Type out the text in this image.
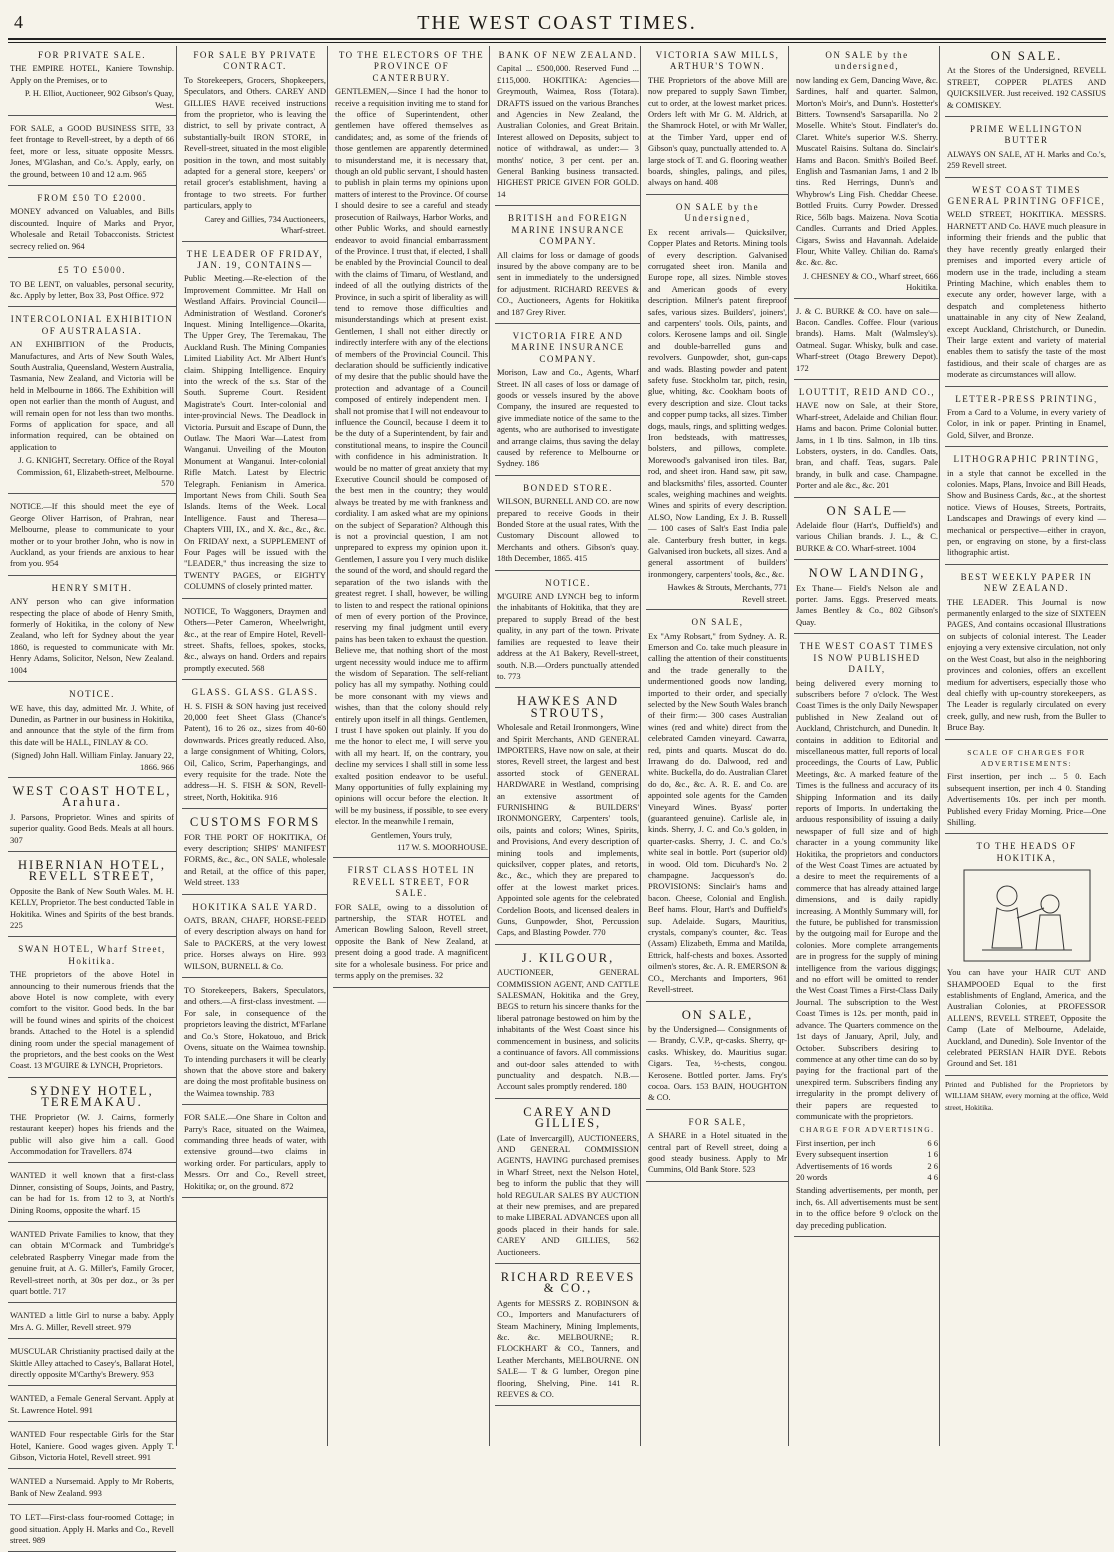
4	THE WEST COAST TIMES.
FOR PRIVATE SALE.
THE EMPIRE HOTEL, Kaniere Township. Apply on the Premises, or to
P. H. Elliot, Auctioneer, 902 Gibson's Quay, West.
FOR SALE, a GOOD BUSINESS SITE, 33 feet frontage to Revell-street, by a depth of 66 feet, more or less, situate opposite Messrs. Jones, M'Glashan, and Co.'s. Apply, early, on the ground, between 10 and 12 a.m. 965
FROM £50 TO £2000.
MONEY advanced on Valuables, and Bills discounted. Inquire of Marks and Pryor, Wholesale and Retail Tobacconists. Strictest secrecy relied on. 964
£5 TO £5000.
TO BE LENT, on valuables, personal security, &c. Apply by letter, Box 33, Post Office. 972
INTERCOLONIAL EXHIBITION OF AUSTRALASIA.
AN EXHIBITION of the Products, Manufactures, and Arts of New South Wales, South Australia, Queensland, Western Australia, Tasmania, New Zealand, and Victoria will be held in Melbourne in 1866. The Exhibition will open not earlier than the month of August, and will remain open for not less than two months. Forms of application for space, and all information required, can be obtained on application to
J. G. KNIGHT, Secretary. Office of the Royal Commission, 61, Elizabeth-street, Melbourne. 570
NOTICE.—If this should meet the eye of George Oliver Harrison, of Prahran, near Melbourne, please to communicate to your mother or to your brother John, who is now in Auckland, as your friends are anxious to hear from you. 954
HENRY SMITH.
ANY person who can give information respecting the place of abode of Henry Smith, formerly of Hokitika, in the colony of New Zealand, who left for Sydney about the year 1860, is requested to communicate with Mr. Henry Adams, Solicitor, Nelson, New Zealand. 1004
NOTICE.
WE have, this day, admitted Mr. J. White, of Dunedin, as Partner in our business in Hokitika, and announce that the style of the firm from this date will be HALL, FINLAY & CO.
(Signed) John Hall. William Finlay. January 22, 1866. 966
WEST COAST HOTEL, Arahura.
J. Parsons, Proprietor. Wines and spirits of superior quality. Good Beds. Meals at all hours. 307
HIBERNIAN HOTEL, REVELL STREET,
Opposite the Bank of New South Wales. M. H. KELLY, Proprietor. The best conducted Table in Hokitika. Wines and Spirits of the best brands. 225
SWAN HOTEL, Wharf Street, Hokitika.
THE proprietors of the above Hotel in announcing to their numerous friends that the above Hotel is now complete, with every comfort to the visitor. Good beds. In the bar will be found wines and spirits of the choicest brands. Attached to the Hotel is a splendid dining room under the special management of the proprietors, and the best cooks on the West Coast. 13 M'GUIRE & LYNCH, Proprietors.
SYDNEY HOTEL, TEREMAKAU.
THE Proprietor (W. J. Cairns, formerly restaurant keeper) hopes his friends and the public will also give him a call. Good Accommodation for Travellers. 874
WANTED it well known that a first-class Dinner, consisting of Soups, Joints, and Pastry, can be had for 1s. from 12 to 3, at North's Dining Rooms, opposite the wharf. 15
WANTED Private Families to know, that they can obtain M'Cormack and Tumbridge's celebrated Raspberry Vinegar made from the genuine fruit, at A. G. Miller's, Family Grocer, Revell-street north, at 30s per doz., or 3s per quart bottle. 717
WANTED a little Girl to nurse a baby. Apply Mrs A. G. Miller, Revell street. 979
MUSCULAR Christianity practised daily at the Skittle Alley attached to Casey's, Ballarat Hotel, directly opposite M'Carthy's Brewery. 953
WANTED, a Female General Servant. Apply at St. Lawrence Hotel. 991
WANTED Four respectable Girls for the Star Hotel, Kaniere. Good wages given. Apply T. Gibson, Victoria Hotel, Revell street. 991
WANTED a Nursemaid. Apply to Mr Roberts, Bank of New Zealand. 993
TO LET—First-class four-roomed Cottage; in good situation. Apply H. Marks and Co., Revell street. 989
FOR SALE BY PRIVATE CONTRACT.
To Storekeepers, Grocers, Shopkeepers, Speculators, and Others. CAREY AND GILLIES HAVE received instructions from the proprietor, who is leaving the district, to sell by private contract, A substantially-built IRON STORE, in Revell-street, situated in the most eligible position in the town, and most suitably adapted for a general store, keepers' or retail grocer's establishment, having a frontage to two streets. For further particulars, apply to
Carey and Gillies, 734 Auctioneers, Wharf-street.
THE LEADER OF FRIDAY, JAN. 19, CONTAINS—
Public Meeting.—Re-election of the Improvement Committee. Mr Hall on Westland Affairs. Provincial Council—Administration of Westland. Coroner's Inquest. Mining Intelligence—Okarita, The Upper Grey, The Teremakau, The Auckland Rush. The Mining Companies Limited Liability Act. Mr Albert Hunt's claim. Shipping Intelligence. Enquiry into the wreck of the s.s. Star of the South. Supreme Court. Resident Magistrate's Court. Inter-colonial and inter-provincial News. The Deadlock in Victoria. Pursuit and Escape of Dunn, the Outlaw. The Maori War—Latest from Wanganui. Unveiling of the Mouton Monument at Wanganui. Inter-colonial Rifle Match. Latest by Electric Telegraph. Fenianism in America. Important News from Chili. South Sea Islands. Items of the Week. Local Intelligence. Faust and Theresa—Chapters VIII, IX., and X. &c., &c., &c. On FRIDAY next, a SUPPLEMENT of Four Pages will be issued with the "LEADER," thus increasing the size to TWENTY PAGES, or EIGHTY COLUMNS of closely printed matter.
NOTICE, To Waggoners, Draymen and Others—Peter Cameron, Wheelwright, &c., at the rear of Empire Hotel, Revell-street. Shafts, felloes, spokes, stocks, &c., always on hand. Orders and repairs promptly executed. 568
GLASS. GLASS. GLASS.
H. S. FISH & SON having just received 20,000 feet Sheet Glass (Chance's Patent), 16 to 26 oz., sizes from 40-60 downwards. Prices greatly reduced. Also, a large consignment of Whiting, Colors, Oil, Calico, Scrim, Paperhangings, and every requisite for the trade. Note the address—H. S. FISH & SON, Revell-street, North, Hokitika. 916
CUSTOMS FORMS
FOR THE PORT OF HOKITIKA, Of every description; SHIPS' MANIFEST FORMS, &c., &c., ON SALE, wholesale and Retail, at the office of this paper, Weld street. 133
HOKITIKA SALE YARD.
OATS, BRAN, CHAFF, HORSE-FEED of every description always on hand for Sale to PACKERS, at the very lowest price. Horses always on Hire. 993 WILSON, BURNELL & Co.
TO Storekeepers, Bakers, Speculators, and others.—A first-class investment. —For sale, in consequence of the proprietors leaving the district, M'Farlane and Co.'s Store, Hokatouo, and Brick Ovens, situate on the Waimea township. To intending purchasers it will be clearly shown that the above store and bakery are doing the most profitable business on the Waimea township. 783
FOR SALE.—One Share in Colton and Parry's Race, situated on the Waimea, commanding three heads of water, with extensive ground—two claims in working order. For particulars, apply to Messrs. Orr and Co., Revell street, Hokitika; or, on the ground. 872
TO THE ELECTORS OF THE PROVINCE OF CANTERBURY.
GENTLEMEN,—Since I had the honor to receive a requisition inviting me to stand for the office of Superintendent, other gentlemen have offered themselves as candidates; and, as some of the friends of those gentlemen are apparently determined to misunderstand me, it is necessary that, though an old public servant, I should hasten to publish in plain terms my opinions upon matters of interest to the Province. Of course I should desire to see a careful and steady prosecution of Railways, Harbor Works, and other Public Works, and should earnestly endeavor to avoid financial embarrassment of the Province. I trust that, if elected, I shall be enabled by the Provincial Council to deal with the claims of Timaru, of Westland, and indeed of all the outlying districts of the Province, in such a spirit of liberality as will tend to remove those difficulties and misunderstandings which at present exist. Gentlemen, I shall not either directly or indirectly interfere with any of the elections of members of the Provincial Council. This declaration should be sufficiently indicative of my desire that the public should have the protection and advantage of a Council composed of entirely independent men. I shall not promise that I will not endeavour to influence the Council, because I deem it to be the duty of a Superintendent, by fair and constitutional means, to inspire the Council with confidence in his administration. It would be no matter of great anxiety that my Executive Council should be composed of the best men in the country; they would always be treated by me with frankness and cordiality. I am asked what are my opinions on the subject of Separation? Although this is not a provincial question, I am not unprepared to express my opinion upon it. Gentlemen, I assure you I very much dislike the sound of the word, and should regard the separation of the two islands with the greatest regret. I shall, however, be willing to listen to and respect the rational opinions of men of every portion of the Province, reserving my final judgment until every pains has been taken to exhaust the question. Believe me, that nothing short of the most urgent necessity would induce me to affirm the wisdom of Separation. The self-reliant policy has all my sympathy. Nothing could be more consonant with my views and wishes, than that the colony should rely entirely upon itself in all things. Gentlemen, I trust I have spoken out plainly. If you do me the honor to elect me, I will serve you with all my heart. If, on the contrary, you decline my services I shall still in some less exalted position endeavor to be useful. Many opportunities of fully explaining my opinions will occur before the election. It will be my business, if possible, to see every elector. In the meanwhile I remain,
Gentlemen, Yours truly,
117 W. S. MOORHOUSE.
FIRST CLASS HOTEL IN REVELL STREET, FOR SALE.
FOR SALE, owing to a dissolution of partnership, the STAR HOTEL and American Bowling Saloon, Revell street, opposite the Bank of New Zealand, at present doing a good trade. A magnificent site for a wholesale business. For price and terms apply on the premises. 32
BANK OF NEW ZEALAND.
Capital ... £500,000. Reserved Fund ... £115,000. HOKITIKA: Agencies—Greymouth, Waimea, Ross (Totara). DRAFTS issued on the various Branches and Agencies in New Zealand, the Australian Colonies, and Great Britain. Interest allowed on Deposits, subject to notice of withdrawal, as under:— 3 months' notice, 3 per cent. per an. General Banking business transacted. HIGHEST PRICE GIVEN FOR GOLD. 14
BRITISH and FOREIGN MARINE INSURANCE COMPANY.
All claims for loss or damage of goods insured by the above company are to be sent in immediately to the undersigned for adjustment. RICHARD REEVES & CO., Auctioneers, Agents for Hokitika and 187 Grey River.
VICTORIA FIRE AND MARINE INSURANCE COMPANY.
Morison, Law and Co., Agents, Wharf Street. IN all cases of loss or damage of goods or vessels insured by the above Company, the insured are requested to give immediate notice of the same to the agents, who are authorised to investigate and arrange claims, thus saving the delay caused by reference to Melbourne or Sydney. 186
BONDED STORE.
WILSON, BURNELL AND CO. are now prepared to receive Goods in their Bonded Store at the usual rates, With the Customary Discount allowed to Merchants and others. Gibson's quay. 18th December, 1865. 415
NOTICE.
M'GUIRE AND LYNCH beg to inform the inhabitants of Hokitika, that they are prepared to supply Bread of the best quality, in any part of the town. Private families are requested to leave their address at the A1 Bakery, Revell-street, south. N.B.—Orders punctually attended to. 773
HAWKES AND STROUTS,
Wholesale and Retail Ironmongers, Wine and Spirit Merchants, AND GENERAL IMPORTERS, Have now on sale, at their stores, Revell street, the largest and best assorted stock of GENERAL HARDWARE in Westland, comprising an extensive assortment of FURNISHING & BUILDERS' IRONMONGERY, Carpenters' tools, oils, paints and colors; Wines, Spirits, and Provisions, And every description of mining tools and implements, quicksilver, copper plates, and retorts, &c., &c., which they are prepared to offer at the lowest market prices. Appointed sole agents for the celebrated Cordelion Boots, and licensed dealers in Guns, Gunpowder, Shot, Percussion Caps, and Blasting Powder. 770
J. KILGOUR,
AUCTIONEER, GENERAL COMMISSION AGENT, AND CATTLE SALESMAN, Hokitika and the Grey, BEGS to return his sincere thanks for the liberal patronage bestowed on him by the inhabitants of the West Coast since his commencement in business, and solicits a continuance of favors. All commissions and out-door sales attended to with punctuality and despatch. N.B.—Account sales promptly rendered. 180
CAREY AND GILLIES,
(Late of Invercargill), AUCTIONEERS, AND GENERAL COMMISSION AGENTS, HAVING purchased premises in Wharf Street, next the Nelson Hotel, beg to inform the public that they will hold REGULAR SALES BY AUCTION at their new premises, and are prepared to make LIBERAL ADVANCES upon all goods placed in their hands for sale. CAREY AND GILLIES, 562 Auctioneers.
RICHARD REEVES & CO.,
Agents for MESSRS Z. ROBINSON & CO., Importers and Manufacturers of Steam Machinery, Mining Implements, &c. &c. MELBOURNE; R. FLOCKHART & CO., Tanners, and Leather Merchants, MELBOURNE. ON SALE— T & G lumber, Oregon pine flooring, Shelving, Pine. 141 R. REEVES & CO.
VICTORIA SAW MILLS, ARTHUR'S TOWN.
THE Proprietors of the above Mill are now prepared to supply Sawn Timber, cut to order, at the lowest market prices. Orders left with Mr G. M. Aldrich, at the Shamrock Hotel, or with Mr Waller, at the Timber Yard, upper end of Gibson's quay, punctually attended to. A large stock of T. and G. flooring weather boards, shingles, palings, and piles, always on hand. 408
ON SALE by the Undersigned,
Ex recent arrivals— Quicksilver, Copper Plates and Retorts. Mining tools of every description. Galvanised corrugated sheet iron. Manila and Europe rope, all sizes. Nimble stoves and American goods of every description. Milner's patent fireproof safes, various sizes. Builders', joiners', and carpenters' tools. Oils, paints, and colors. Kerosene lamps and oil. Single and double-barrelled guns and revolvers. Gunpowder, shot, gun-caps and wads. Blasting powder and patent safety fuse. Stockholm tar, pitch, resin, glue, whiting, &c. Cookham boots of every description and size. Clout tacks and copper pump tacks, all sizes. Timber dogs, mauls, rings, and splitting wedges. Iron bedsteads, with mattresses, bolsters, and pillows, complete. Morewood's galvanised iron tiles. Bar, rod, and sheet iron. Hand saw, pit saw, and blacksmiths' files, assorted. Counter scales, weighing machines and weights. Wines and spirits of every description. ALSO, Now Landing, Ex J. B. Russell— 100 cases of Salt's East India pale ale. Canterbury fresh butter, in kegs. Galvanised iron buckets, all sizes. And a general assortment of builders' ironmongery, carpenters' tools, &c., &c.
Hawkes & Strouts, Merchants, 771 Revell street.
ON SALE,
Ex "Amy Robsart," from Sydney. A. R. Emerson and Co. take much pleasure in calling the attention of their constituents and the trade generally to the undermentioned goods now landing, imported to their order, and specially selected by the New South Wales branch of their firm:— 300 cases Australian wines (red and white) direct from the celebrated Camden vineyard. Cawarra, red, pints and quarts. Muscat do do. Irrawang do do. Dalwood, red and white. Buckella, do do. Australian Claret do do, &c., &c. A. R. E. and Co. are appointed sole agents for the Camden Vineyard Wines. Byass' porter (guaranteed genuine). Carlisle ale, in kinds. Sherry, J. C. and Co.'s golden, in quarter-casks. Sherry, J. C. and Co.'s white seal in bottle. Port (superior old) in wood. Old tom. Dicuhard's No. 2 champagne. Jacquesson's do. PROVISIONS: Sinclair's hams and bacon. Cheese, Colonial and English. Beef hams. Flour, Hart's and Duffield's sup. Adelaide. Sugars, Mauritius, crystals, company's counter, &c. Teas (Assam) Elizabeth, Emma and Matilda, Ettrick, half-chests and boxes. Assorted oilmen's stores, &c. A. R. EMERSON & CO., Merchants and Importers, 961 Revell-street.
ON SALE,
by the Undersigned— Consignments of— Brandy, C.V.P., qr-casks. Sherry, qr-casks. Whiskey, do. Mauritius sugar. Cigars. Tea, ½-chests, congou. Kerosene. Bottled porter. Jams. Fry's cocoa. Oars. 153 BAIN, HOUGHTON & CO.
FOR SALE,
A SHARE in a Hotel situated in the central part of Revell street, doing a good steady business. Apply to Mr Cummins, Old Bank Store. 523
ON SALE by the undersigned,
now landing ex Gem, Dancing Wave, &c. Sardines, half and quarter. Salmon, Morton's Moir's, and Dunn's. Hostetter's Bitters. Townsend's Sarsaparilla. No 2 Moselle. White's Stout. Findlater's do. Claret. White's superior W.S. Sherry. Muscatel Raisins. Sultana do. Sinclair's Hams and Bacon. Smith's Boiled Beef. English and Tasmanian Jams, 1 and 2 lb tins. Red Herrings, Dunn's and Whybrow's Ling Fish. Cheddar Cheese. Bottled Fruits. Curry Powder. Dressed Rice, 56lb bags. Maizena. Nova Scotia Candles. Currants and Dried Apples. Cigars, Swiss and Havannah. Adelaide Flour, White Valley. Chilian do. Rama's &c. &c. &c.
J. CHESNEY & CO., Wharf street, 666 Hokitika.
J. & C. BURKE & CO. have on sale— Bacon. Candles. Coffee. Flour (various brands). Hams. Malt (Walmsley's). Oatmeal. Sugar. Whisky, bulk and case. Wharf-street (Otago Brewery Depot). 172
LOUTTIT, REID AND CO.,
HAVE now on Sale, at their Store, Wharf-street, Adelaide and Chilian flour. Hams and bacon. Prime Colonial butter. Jams, in 1 lb tins. Salmon, in 1lb tins. Lobsters, oysters, in do. Candles. Oats, bran, and chaff. Teas, sugars. Pale brandy, in bulk and case. Champagne. Porter and ale &c., &c. 201
ON SALE—
Adelaide flour (Hart's, Duffield's) and various Chilian brands. J. L., & C. BURKE & CO. Wharf-street. 1004
NOW LANDING,
Ex Thane— Field's Nelson ale and porter. Jams. Eggs. Preserved meats. James Bentley & Co., 802 Gibson's Quay.
THE WEST COAST TIMES IS NOW PUBLISHED DAILY,
being delivered every morning to subscribers before 7 o'clock. The West Coast Times is the only Daily Newspaper published in New Zealand out of Auckland, Christchurch, and Dunedin. It contains in addition to Editorial and miscellaneous matter, full reports of local proceedings, the Courts of Law, Public Meetings, &c. A marked feature of the Times is the fullness and accuracy of its Shipping Information and its daily reports of Imports. In undertaking the arduous responsibility of issuing a daily newspaper of full size and of high character in a young community like Hokitika, the proprietors and conductors of the West Coast Times are actuated by a desire to meet the requirements of a commerce that has already attained large dimensions, and is daily rapidly increasing. A Monthly Summary will, for the future, be published for transmission by the outgoing mail for Europe and the colonies. More complete arrangements are in progress for the supply of mining intelligence from the various diggings; and no effort will be omitted to render the West Coast Times a First-Class Daily Journal. The subscription to the West Coast Times is 12s. per month, paid in advance. The Quarters commence on the 1st days of January, April, July, and October. Subscribers desiring to commence at any other time can do so by paying for the fractional part of the unexpired term. Subscribers finding any irregularity in the prompt delivery of their papers are requested to communicate with the proprietors.
CHARGE FOR ADVERTISING.
First insertion, per inch	6 6
Every subsequent insertion	1 6
Advertisements of 16 words	2 6
20 words	4 6
Standing advertisements, per month, per inch, 6s. All advertisements must be sent in to the office before 9 o'clock on the day preceding publication.
ON SALE.
At the Stores of the Undersigned, REVELL STREET, COPPER PLATES AND QUICKSILVER. Just received. 192 CASSIUS & COMISKEY.
PRIME WELLINGTON BUTTER
ALWAYS ON SALE, AT H. Marks and Co.'s, 259 Revell street.
WEST COAST TIMES GENERAL PRINTING OFFICE,
WELD STREET, HOKITIKA. MESSRS. HARNETT AND Co. HAVE much pleasure in informing their friends and the public that they have recently greatly enlarged their premises and imported every article of modern use in the trade, including a steam Printing Machine, which enables them to execute any order, however large, with a despatch and completeness hitherto unattainable in any city of New Zealand, except Auckland, Christchurch, or Dunedin. Their large extent and variety of material enables them to satisfy the taste of the most fastidious, and their scale of charges are as moderate as circumstances will allow.
LETTER-PRESS PRINTING,
From a Card to a Volume, in every variety of Color, in ink or paper. Printing in Enamel, Gold, Silver, and Bronze.
LITHOGRAPHIC PRINTING,
in a style that cannot be excelled in the colonies. Maps, Plans, Invoice and Bill Heads, Show and Business Cards, &c., at the shortest notice. Views of Houses, Streets, Portraits, Landscapes and Drawings of every kind —mechanical or perspective—either in crayon, pen, or engraving on stone, by a first-class lithographic artist.
BEST WEEKLY PAPER IN NEW ZEALAND.
THE LEADER. This Journal is now permanently enlarged to the size of SIXTEEN PAGES, And contains occasional Illustrations on subjects of colonial interest. The Leader enjoying a very extensive circulation, not only on the West Coast, but also in the neighboring provinces and colonies, offers an excellent medium for advertisers, especially those who deal chiefly with up-country storekeepers, as The Leader is regularly circulated on every creek, gully, and new rush, from the Buller to Bruce Bay.
SCALE OF CHARGES FOR ADVERTISEMENTS:
First insertion, per inch ... 5 0. Each subsequent insertion, per inch 4 0. Standing Advertisements 10s. per inch per month. Published every Friday Morning. Price—One Shilling.
TO THE HEADS OF HOKITIKA,
You can have your HAIR CUT AND SHAMPOOED Equal to the first establishments of England, America, and the Australian Colonies, at PROFESSOR ALLEN'S, REVELL STREET, Opposite the Camp (Late of Melbourne, Adelaide, Auckland, and Dunedin). Sole Inventor of the celebrated PERSIAN HAIR DYE. Rebots Ground and Set. 181
Printed and Published for the Proprietors by WILLIAM SHAW, every morning at the office, Weld street, Hokitika.
